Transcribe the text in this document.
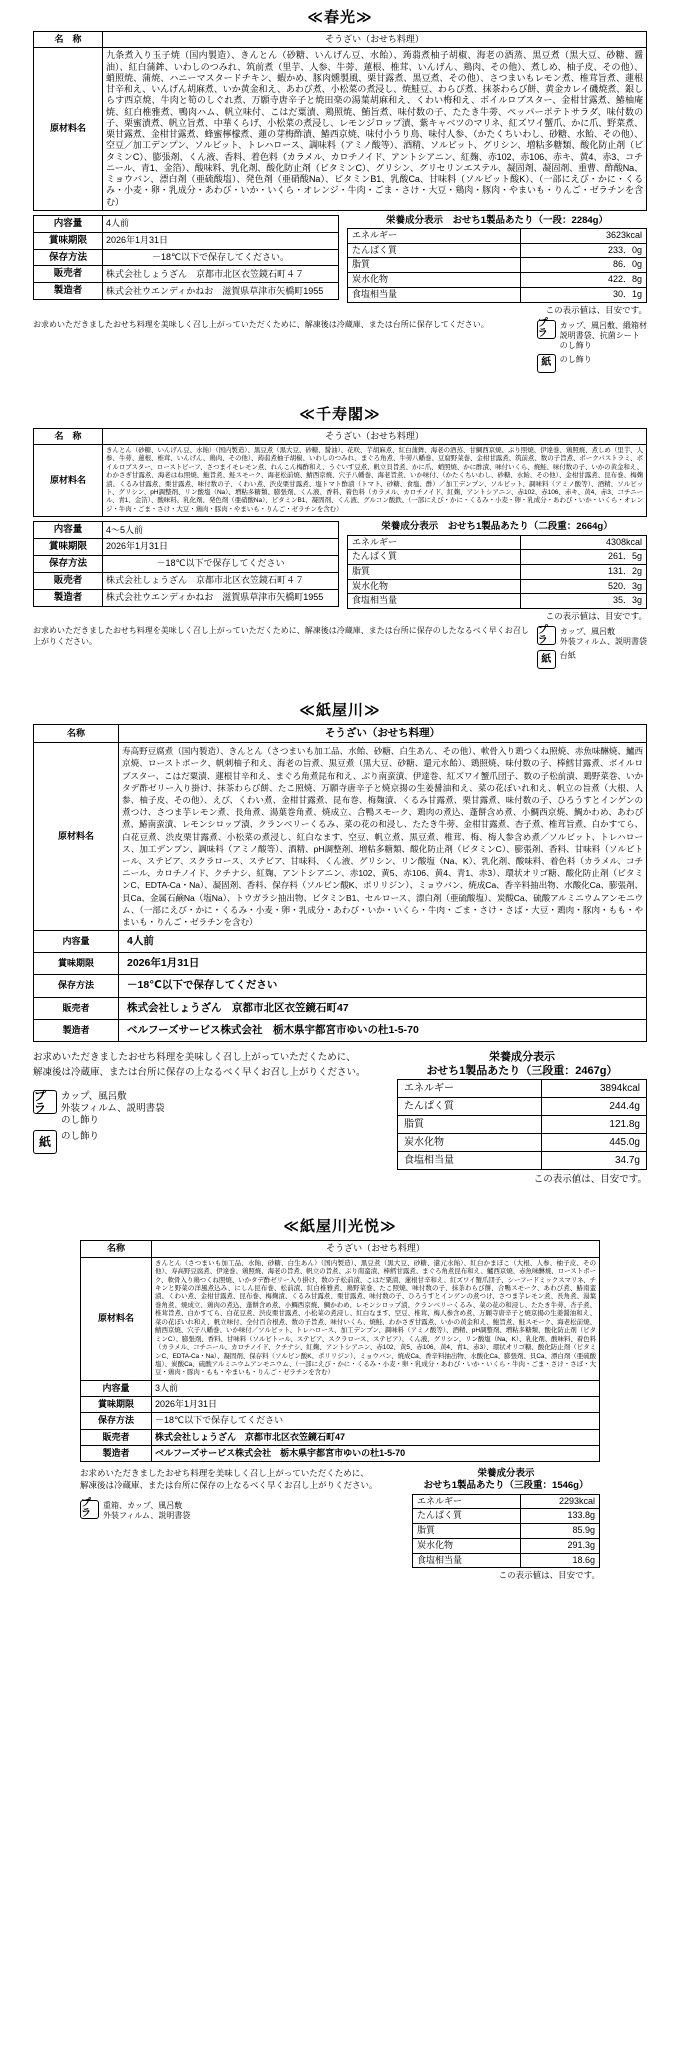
≪春光≫
名　称	そうざい（おせち料理）
原材料名	九条煮入り玉子焼（国内製造）、きんとん（砂糖、いんげん豆、水飴）、蒟蒻煮柚子胡椒、海老の酒蒸、黒豆煮（黒大豆、砂糖、醤油）、紅白蒲鉾、いわしのつみれ、筑前煮（里芋、人参、牛蒡、蓮根、椎茸、いんげん、鶏肉、その他）、煮しめ、柚子皮、その他）、蛸照焼、蒲焼、ハニーマスタードチキン、蝦かめ、豚肉燻製風、栗甘露煮、黒豆煮、その他）、さつまいもレモン煮、椎茸旨煮、蓮根甘辛和え、いんげん胡麻煮、いか黄金和え、あわび煮、小松菜の煮浸し、焼鮭豆、わらび煮、抹茶わらび餅、黄金カレイ磯焼煮、銀しらす西京焼、牛肉と筍のしぐれ煮、万願寺唐辛子と焼田楽の湯葉胡麻和え、くわい梅和え、ボイルロブスター、金柑甘露煮、鰆柚庵焼、紅白椎雅煮、鴨肉ハム、帆立味付、こはだ粟漬、鶏照焼、鮪旨煮、味付数の子、たたき牛蒡、ペッパーポテトサラダ、味付数の子、栗蜜漬煮、帆立旨煮、中華くらげ、小松菜の煮浸し、レモンジロップ漬、紫キャベツのマリネ、紅ズワイ蟹爪、かに爪、野菜煮、栗甘露煮、金柑甘露煮、蜂蜜檸檬煮、蓮の芽梅酢漬、鰆西京焼、味付小うり鳥、味付人参、（かたくちいわし、砂糖、水飴、その他）、空豆／加工デンプン、ソルビット、トレハロース、調味料（アミノ酸等）、酒精、ソルビット、グリシン、増粘多糖類、酸化防止剤（ビタミンC）、膨張剤、くん液、香料、着色料（カラメル、カロチノイド、アントシアニン、紅麹、赤102、赤106、赤キ、黄4、赤3、コチニール、青1、金箔）、酸味料、乳化剤、酸化防止剤（ビタミンC）、グリシン、グリセリンエステル、凝固剤、凝固剤、重曹、酢酸Na、ミョウバン、漂白剤（亜硫酸塩）、発色剤（亜硝酸Na）、ビタミンB1、乳酸Ca、甘味料（ソルビット酸K）、（一部にえび・かに・くるみ・小麦・卵・乳成分・あわび・いか・いくら・オレンジ・牛肉・ごま・さけ・大豆・鶏肉・豚肉・やまいも・りんご・ゼラチンを含む）
内容量	4人前
賞味期限	2026年1月31日
保存方法	－18℃以下で保存してください。
販売者	株式会社しょうざん　京都市北区衣笠鏡石町４７
製造者	株式会社ウエンディかねお　滋賀県草津市矢橋町1955
栄養成分表示　おせち1製品あたり（一段：2284g）
エネルギー	3623kcal
たんぱく質	233．0g
脂質	86．0g
炭水化物	422．8g
食塩相当量	30．1g
この表示値は、目安です。
お求めいただきましたおせち料理を美味しく召し上がっていただくために、解凍後は冷蔵庫、または台所に保存してください。	プラ
カップ、風呂敷、緞箱材
説明書袋、抗菌シート
のし飾り
紙	のし飾り
≪千寿閣≫
名　称	そうざい（おせち料理）
原材料名	きんとん（砂糖、いんげん豆、水飴）（国内製造）、黒豆煮（黒大豆、砂糖、醤油）、花咲、芋胡麻煮、紅白蒲鉾、海老の酒蒸、甘鯛西京焼、ぶり照焼、伊達巻、鶏照焼、煮しめ（里芋、人参、牛蒡、蓮根、椎茸、いんげん、鶏肉、その他）、蒟蒻煮柚子胡椒、いわしのつみれ、まぐろ角煮、牛蒡八幡巻、豆腐野菜巻、金柑甘露煮、筑前煮、数の子旨煮、ポークパストラミ、ボイルロブスター、ローストビーフ、さつまイモレモン煮、れんこん梅酢和え、うぐいす豆煮、帆立貝旨煮、かに爪、蛸照焼、かに酢漬、味付いくら、焼鮭、味付数の子、いかの黄金和え、わかさぎ甘露煮、海老はね照焼、鮑旨煮、鮭スモーク、海老松前焼、鯖西京焼、穴子八幡巻、海老旨煮、いか味付、（かたくちいわし、砂糖、水飴、その他）、金柑甘露煮、昆布巻、梅麹漬、くるみ甘露煮、栗甘露煮、味付数の子、くわい煮、渋皮栗甘露煮、塩トマト酢漬（トマト、砂糖、食塩、酢）／加工デンプン、ソルビット、調味料（アミノ酸等）、酒精、ソルビット、グリシン、pH調整剤、リン酸塩（Na）、増粘多糖類、膨張剤、くん液、香料、着色料（カラメル、カロチノイド、紅麹、アントシアニン、赤102、赤106、赤キ、黄4、赤3、コチニール、青1、金箔）、酸味料、乳化剤、発色剤（亜硝酸Na）、ビタミンB1、凝固剤、くん液、グルコン酸鉄、（一部にえび・かに・くるみ・小麦・卵・乳成分・あわび・いか・いくら・オレンジ・牛肉・ごま・さけ・大豆・鶏肉・豚肉・やまいも・りんご・ゼラチンを含む）
内容量	4～5人前
賞味期限	2026年1月31日
保存方法	－18℃以下で保存してください
販売者	株式会社しょうざん　京都市北区衣笠鏡石町４７
製造者	株式会社ウエンディかねお　滋賀県草津市矢橋町1955
栄養成分表示　おせち1製品あたり（二段重：2664g）
エネルギー	4308kcal
たんぱく質	261．5g
脂質	131．2g
炭水化物	520．3g
食塩相当量	35．3g
この表示値は、目安です。
お求めいただきましたおせち料理を美味しく召し上がっていただくために、解凍後は冷蔵庫、または台所に保存のしたなるべく早くお召し上がりください。
プラ
カップ、風呂敷
外装フィルム、説明書袋
紙	台紙
≪紙屋川≫
名称	そうざい（おせち料理）
原材料名	寿高野豆腐煮（国内製造）、きんとん（さつまいも加工品、水飴、砂糖、白生あん、その他）、軟骨入り鶏つくね照焼、赤魚味醂焼、鱸西京焼、ローストポーク、帆刺柚子和え、海老の旨煮、黒豆煮（黒大豆、砂糖、還元水飴）、鶏照焼、味付数の子、棒鱈甘露煮、ボイルロブスター、こはだ粟漬、蓮根甘辛和え、まぐろ角煮昆布和え、ぶり南蛮漬、伊達巻、紅ズワイ蟹爪団子、数の子松前漬、鶏野菜巻、いかタデ酢ゼリー入り掛け、抹茶わらび餅、たこ照焼、万願寺唐辛子と焼京揚の生姜醤油和え、菜の花ぼいれ和え、帆立の旨煮（大根、人参、柚子皮、その他）、えび、くわい煮、金柑甘露煮、昆布巻、梅麹漬、くるみ甘露煮、栗甘露煮、味付数の子、ひろうすとインゲンの煮つけ、さつま芋レモン煮、長角煮、湯葉巻角煮、焼成立、合鴨スモーク、鶏肉の煮込、蓬餅含め煮、小鯛西京焼、鯛かわめ、あわび煮、鰆南蛮漬、レモンシロップ漬、クランベリーくるみ、菜の花の和浸し、たたき牛蒡、金柑甘露煮、杏子煮、椎茸旨煮、白かすてら、白花豆煮、渋皮栗甘露煮、小松菜の煮浸し、紅白なます、空豆、帆立煮、黒豆煮、椎茸、梅、梅人参含め煮／ソルビット、トレハロース、加工デンプン、調味料（アミノ酸等）、酒精、pH調整剤、増粘多糖類、酸化防止剤（ビタミンC）、膨張剤、香料、甘味料（ソルビトール、ステビア、スクラロース、ステビア、甘味料、くん液、グリシン、リン酸塩（Na、K）、乳化剤、酸味料、着色料（カラメル、コチニール、カロチノイド、クチナシ、紅麹、アントシアニン、赤102、黄5、赤106、黄4、青1、赤3）、環状オリゴ糖、酸化防止剤（ビタミンC、EDTA-Ca・Na）、凝固剤、香料、保存料（ソルビン酸K、ポリリジン）、ミョウバン、焼成Ca、香辛料抽出物、水酸化Ca、膨張剤、貝Ca、金属石鹸Na（塩Na）、トウガラシ抽出物、ビタミンB1、セルロース、漂白剤（亜硫酸塩）、炭酸Ca、硫酸アルミニウムアンモニウム、（一部にえび・かに・くるみ・小麦・卵・乳成分・あわび・いか・いくら・牛肉・ごま・さけ・さば・大豆・鶏肉・豚肉・もも・やまいも・りんご・ゼラチンを含む）
内容量	4人前
賞味期限	2026年1月31日
保存方法	－18℃以下で保存してください
販売者	株式会社しょうざん　京都市北区衣笠鏡石町47
製造者	ベルフーズサービス株式会社　栃木県宇都宮市ゆいの杜1-5-70
お求めいただきましたおせち料理を美味しく召し上がっていただくために、
解凍後は冷蔵庫、または台所に保存の上なるべく早くお召し上がりください。
プラ
カップ、風呂敷
外装フィルム、説明書袋
のし飾り
紙	のし飾り
栄養成分表示
おせち1製品あたり（三段重：2467g）
エネルギー	3894kcal
たんぱく質	244.4g
脂質	121.8g
炭水化物	445.0g
食塩相当量	34.7g
この表示値は、目安です。
≪紙屋川光悦≫
名称	そうざい（おせち料理）
原材料名	きんとん（さつまいも加工品、水飴、砂糖、白生あん）（国内製造）、黒豆煮（黒大豆、砂糖、還元水飴）、紅白かまぼこ（大根、人参、柚子皮、その他）、寿高野豆腐煮、伊達巻、鶏照焼、海老の旨煮、帆立の旨煮、ぶり南蛮漬、棒鱈甘露煮、まぐろ角煮昆布和え、鱸西京焼、赤魚味醂焼、ローストポーク、軟骨入り鶏つくね照焼、いかタデ酢ゼリー入り掛け、数の子松前漬、こはだ粟漬、蓮根甘辛和え、紅ズワイ蟹爪団子、シーフードミックスマリネ、チキンと野菜の洋風煮込み、にしん昆布巻、松前漬、紅白椎雅煮、鶏野菜巻、たこ照焼、味付数の子、抹茶わらび餅、合鴨スモーク、あわび煮、鰆南蛮漬、くわい煮、金柑甘露煮、昆布巻、梅麹漬、くるみ甘露煮、栗甘露煮、味付数の子、ひろうすとインゲンの煮つけ、さつま芋レモン煮、長角煮、湯葉巻角煮、焼成立、鶏肉の煮込、蓬餅含め煮、小鯛西京焼、鯛かわめ、レモンシロップ漬、クランベリーくるみ、菜の花の和浸し、たたき牛蒡、杏子煮、椎茸旨煮、白かすてら、白花豆煮、渋皮栗甘露煮、小松菜の煮浸し、紅白なます、空豆、椎茸、梅人参含め煮、万願寺唐辛子と焼京揚の生姜醤油和え、菜の花ぼいれ和え、帆立味付、全付百合根煮、数の子旨煮、味付いくら、焼鮭、わかさぎ甘露煮、いかの黄金和え、鮑旨煮、鮭スモーク、海老松前焼、鯖西京焼、穴子八幡巻、いか味付／ソルビット、トレハロース、加工デンプン、調味料（アミノ酸等）、酒精、pH調整剤、増粘多糖類、酸化防止剤（ビタミンC）、膨張剤、香料、甘味料（ソルビトール、ステビア、スクラロース、ステビア）、くん液、グリシン、リン酸塩（Na、K）、乳化剤、酸味料、着色料（カラメル、コチニール、カロチノイド、クチナシ、紅麹、アントシアニン、赤102、黄5、赤106、黄4、青1、赤3）、環状オリゴ糖、酸化防止剤（ビタミンC、EDTA-Ca・Na）、凝固剤、保存料（ソルビン酸K、ポリリジン）、ミョウバン、焼成Ca、香辛料抽出物、水酸化Ca、膨張剤、貝Ca、漂白剤（亜硫酸塩）、炭酸Ca、硫酸アルミニウムアンモニウム、（一部にえび・かに・くるみ・小麦・卵・乳成分・あわび・いか・いくら・牛肉・ごま・さけ・さば・大豆・鶏肉・豚肉・もも・やまいも・りんご・ゼラチンを含む）
内容量	3人前
賞味期限	2026年1月31日
保存方法	－18℃以下で保存してください
販売者	株式会社しょうざん　京都市北区衣笠鏡石町47
製造者	ベルフーズサービス株式会社　栃木県宇都宮市ゆいの杜1-5-70
お求めいただきましたおせち料理を美味しく召し上がっていただくために、
解凍後は冷蔵庫、または台所に保存の上なるべく早くお召し上がりください。
プラ
重箱、カップ、風呂敷
外装フィルム、説明書袋
栄養成分表示
おせち1製品あたり（三段重：1546g）
エネルギー	2293kcal
たんぱく質	133.8g
脂質	85.9g
炭水化物	291.3g
食塩相当量	18.6g
この表示値は、目安です。
